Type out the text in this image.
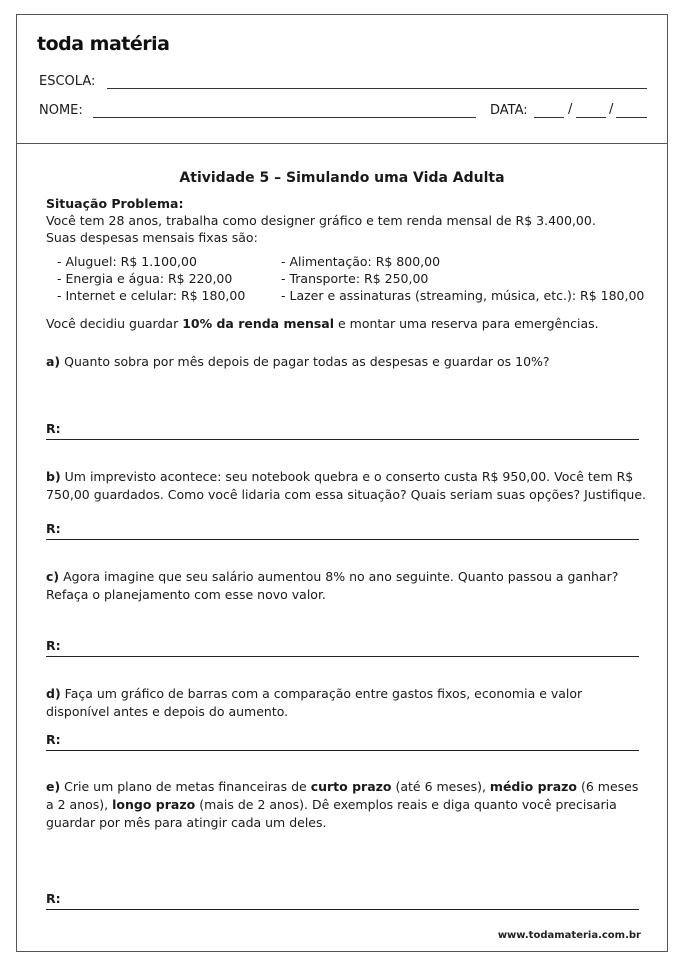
toda matéria
ESCOLA:
NOME:	DATA:	/	/
Atividade 5 – Simulando uma Vida Adulta
Situação Problema:
Você tem 28 anos, trabalha como designer gráfico e tem renda mensal de R$ 3.400,00.
Suas despesas mensais fixas são:
- Aluguel: R$ 1.100,00
- Energia e água: R$ 220,00
- Internet e celular: R$ 180,00
- Alimentação: R$ 800,00
- Transporte: R$ 250,00
- Lazer e assinaturas (streaming, música, etc.): R$ 180,00
Você decidiu guardar 10% da renda mensal e montar uma reserva para emergências.
a) Quanto sobra por mês depois de pagar todas as despesas e guardar os 10%?
R:
b) Um imprevisto acontece: seu notebook quebra e o conserto custa R$ 950,00. Você tem R$ 750,00 guardados. Como você lidaria com essa situação? Quais seriam suas opções? Justifique.
R:
c) Agora imagine que seu salário aumentou 8% no ano seguinte. Quanto passou a ganhar? Refaça o planejamento com esse novo valor.
R:
d) Faça um gráfico de barras com a comparação entre gastos fixos, economia e valor disponível antes e depois do aumento.
R:
e) Crie um plano de metas financeiras de curto prazo (até 6 meses), médio prazo (6 meses a 2 anos), longo prazo (mais de 2 anos). Dê exemplos reais e diga quanto você precisaria guardar por mês para atingir cada um deles.
R:
www.todamateria.com.br
